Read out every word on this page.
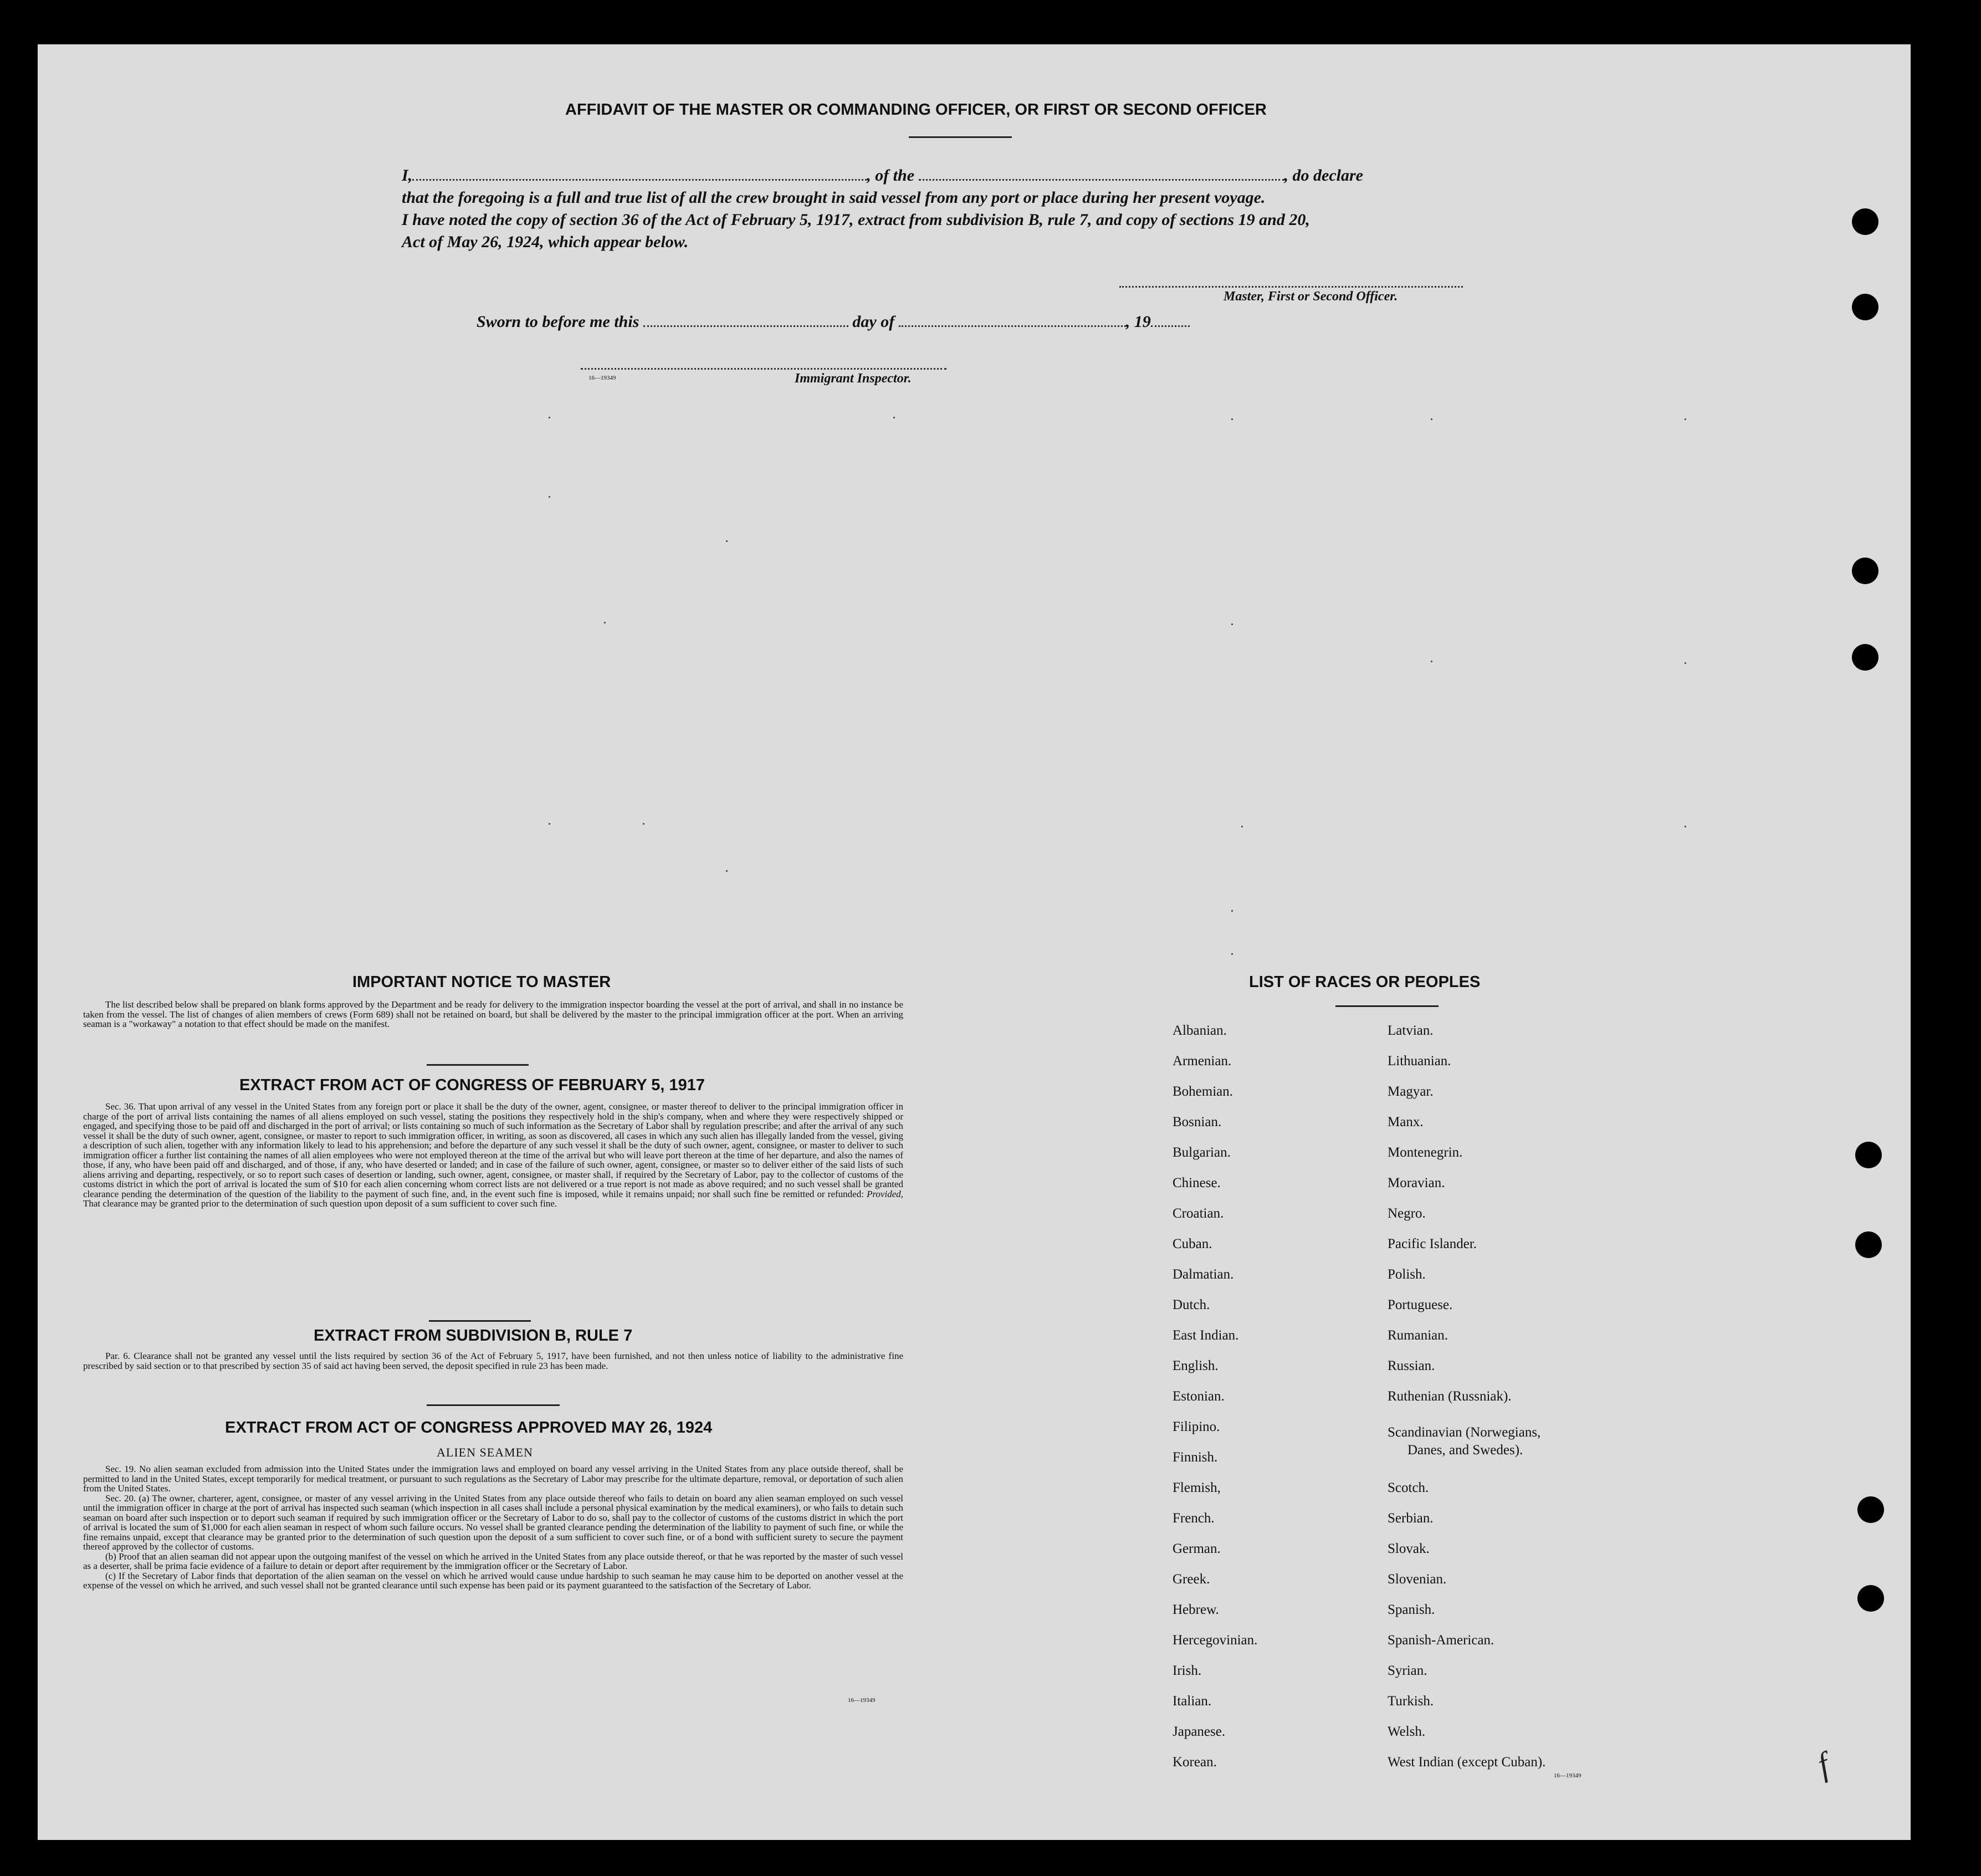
AFFIDAVIT OF THE MASTER OR COMMANDING OFFICER, OR FIRST OR SECOND OFFICER
I,	, of the	, do declare
that the foregoing is a full and true list of all the crew brought in said vessel from any port or place during her present voyage.
I have noted the copy of section 36 of the Act of February 5, 1917, extract from subdivision B, rule 7, and copy of sections 19 and 20,
Act of May 26, 1924, which appear below.
Master, First or Second Officer.
Sworn to before me this	day of	, 19
16—19349	Immigrant Inspector.
IMPORTANT NOTICE TO MASTER

The list described below shall be prepared on blank forms approved by the Department and be ready for delivery to the immigration inspector boarding the vessel at the port of arrival, and shall in no instance be taken from the vessel. The list of changes of alien members of crews (Form 689) shall not be retained on board, but shall be delivered by the master to the principal immigration officer at the port. When an arriving seaman is a "workaway" a notation to that effect should be made on the manifest.

EXTRACT FROM ACT OF CONGRESS OF FEBRUARY 5, 1917

Sec. 36. That upon arrival of any vessel in the United States from any foreign port or place it shall be the duty of the owner, agent, consignee, or master thereof to deliver to the principal immigration officer in charge of the port of arrival lists containing the names of all aliens employed on such vessel, stating the positions they respectively hold in the ship's company, when and where they were respectively shipped or engaged, and specifying those to be paid off and discharged in the port of arrival; or lists containing so much of such information as the Secretary of Labor shall by regulation prescribe; and after the arrival of any such vessel it shall be the duty of such owner, agent, consignee, or master to report to such immigration officer, in writing, as soon as discovered, all cases in which any such alien has illegally landed from the vessel, giving a description of such alien, together with any information likely to lead to his apprehension; and before the departure of any such vessel it shall be the duty of such owner, agent, consignee, or master to deliver to such immigration officer a further list containing the names of all alien employees who were not employed thereon at the time of the arrival but who will leave port thereon at the time of her departure, and also the names of those, if any, who have been paid off and discharged, and of those, if any, who have deserted or landed; and in case of the failure of such owner, agent, consignee, or master so to deliver either of the said lists of such aliens arriving and departing, respectively, or so to report such cases of desertion or landing, such owner, agent, consignee, or master shall, if required by the Secretary of Labor, pay to the collector of customs of the customs district in which the port of arrival is located the sum of $10 for each alien concerning whom correct lists are not delivered or a true report is not made as above required; and no such vessel shall be granted clearance pending the determination of the question of the liability to the payment of such fine, and, in the event such fine is imposed, while it remains unpaid; nor shall such fine be remitted or refunded: Provided, That clearance may be granted prior to the determination of such question upon deposit of a sum sufficient to cover such fine.

EXTRACT FROM SUBDIVISION B, RULE 7

Par. 6. Clearance shall not be granted any vessel until the lists required by section 36 of the Act of February 5, 1917, have been furnished, and not then unless notice of liability to the administrative fine prescribed by said section or to that prescribed by section 35 of said act having been served, the deposit specified in rule 23 has been made.

EXTRACT FROM ACT OF CONGRESS APPROVED MAY 26, 1924
ALIEN SEAMEN

Sec. 19. No alien seaman excluded from admission into the United States under the immigration laws and employed on board any vessel arriving in the United States from any place outside thereof, shall be permitted to land in the United States, except temporarily for medical treatment, or pursuant to such regulations as the Secretary of Labor may prescribe for the ultimate departure, removal, or deportation of such alien from the United States.

Sec. 20. (a) The owner, charterer, agent, consignee, or master of any vessel arriving in the United States from any place outside thereof who fails to detain on board any alien seaman employed on such vessel until the immigration officer in charge at the port of arrival has inspected such seaman (which inspection in all cases shall include a personal physical examination by the medical examiners), or who fails to detain such seaman on board after such inspection or to deport such seaman if required by such immigration officer or the Secretary of Labor to do so, shall pay to the collector of customs of the customs district in which the port of arrival is located the sum of $1,000 for each alien seaman in respect of whom such failure occurs. No vessel shall be granted clearance pending the determination of the liability to payment of such fine, or while the fine remains unpaid, except that clearance may be granted prior to the determination of such question upon the deposit of a sum sufficient to cover such fine, or of a bond with sufficient surety to secure the payment thereof approved by the collector of customs.

(b) Proof that an alien seaman did not appear upon the outgoing manifest of the vessel on which he arrived in the United States from any place outside thereof, or that he was reported by the master of such vessel as a deserter, shall be prima facie evidence of a failure to detain or deport after requirement by the immigration officer or the Secretary of Labor.

(c) If the Secretary of Labor finds that deportation of the alien seaman on the vessel on which he arrived would cause undue hardship to such seaman he may cause him to be deported on another vessel at the expense of the vessel on which he arrived, and such vessel shall not be granted clearance until such expense has been paid or its payment guaranteed to the satisfaction of the Secretary of Labor.

16—19349
LIST OF RACES OR PEOPLES
Albanian.
Armenian.
Bohemian.
Bosnian.
Bulgarian.
Chinese.
Croatian.
Cuban.
Dalmatian.
Dutch.
East Indian.
English.
Estonian.
Filipino.
Finnish.
Flemish,
French.
German.
Greek.
Hebrew.
Hercegovinian.
Irish.
Italian.
Japanese.
Korean.
Latvian.
Lithuanian.
Magyar.
Manx.
Montenegrin.
Moravian.
Negro.
Pacific Islander.
Polish.
Portuguese.
Rumanian.
Russian.
Ruthenian (Russniak).
Scandinavian (Norwegians,
Danes, and Swedes).
Scotch.
Serbian.
Slovak.
Slovenian.
Spanish.
Spanish-American.
Syrian.
Turkish.
Welsh.
West Indian (except Cuban).
16—19349	f
